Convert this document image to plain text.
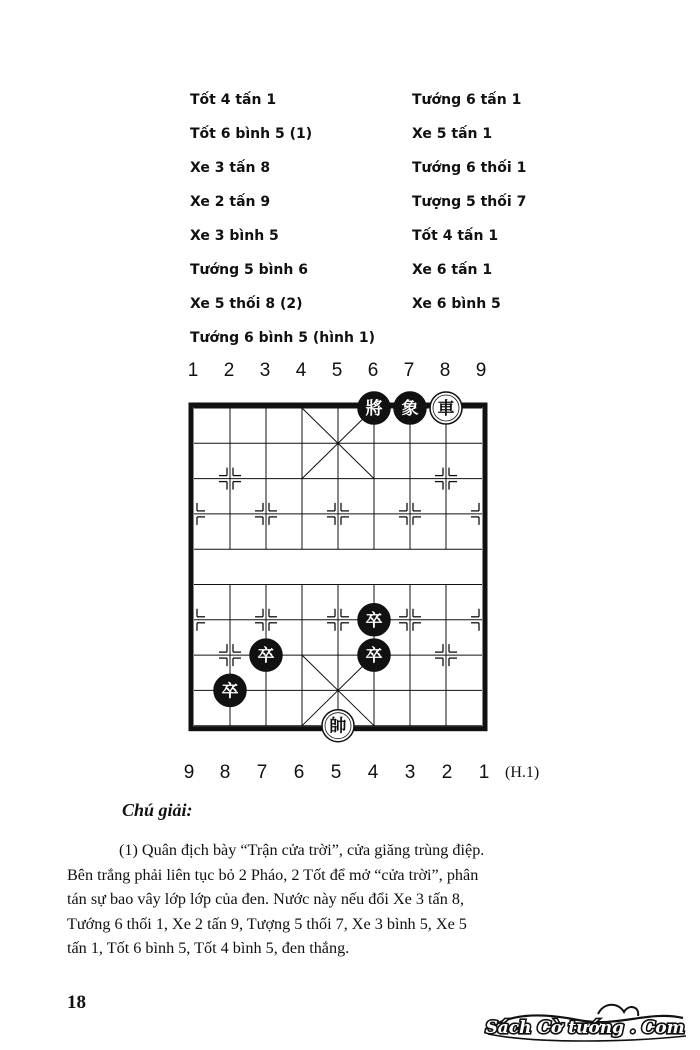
Tốt 4 tấn 1
Tốt 6 bình 5 (1)
Xe 3 tấn 8
Xe 2 tấn 9
Xe 3 bình 5
Tướng 5 bình 6
Xe 5 thối 8 (2)
Tướng 6 bình 5 (hình 1)
Tướng 6 tấn 1
Xe 5 tấn 1
Tướng 6 thối 1
Tượng 5 thối 7
Tốt 4 tấn 1
Xe 6 tấn 1
Xe 6 bình 5
1 2 3 4 5 6 7 8 9
將 象 車
卒
卒	卒
卒
帥
9 8 7 6 5 4 3 2 1 (H.1)
Chú giải:
(1) Quân địch bày “Trận cửa trời”, cửa giăng trùng điệp.
Bên trắng phải liên tục bỏ 2 Pháo, 2 Tốt để mở “cửa trời”, phân
tán sự bao vây lớp lớp của đen. Nước này nếu đổi Xe 3 tấn 8,
Tướng 6 thối 1, Xe 2 tấn 9, Tượng 5 thối 7, Xe 3 bình 5, Xe 5
tấn 1, Tốt 6 bình 5, Tốt 4 bình 5, đen thắng.
18
Sách Cờ tướng . Com
